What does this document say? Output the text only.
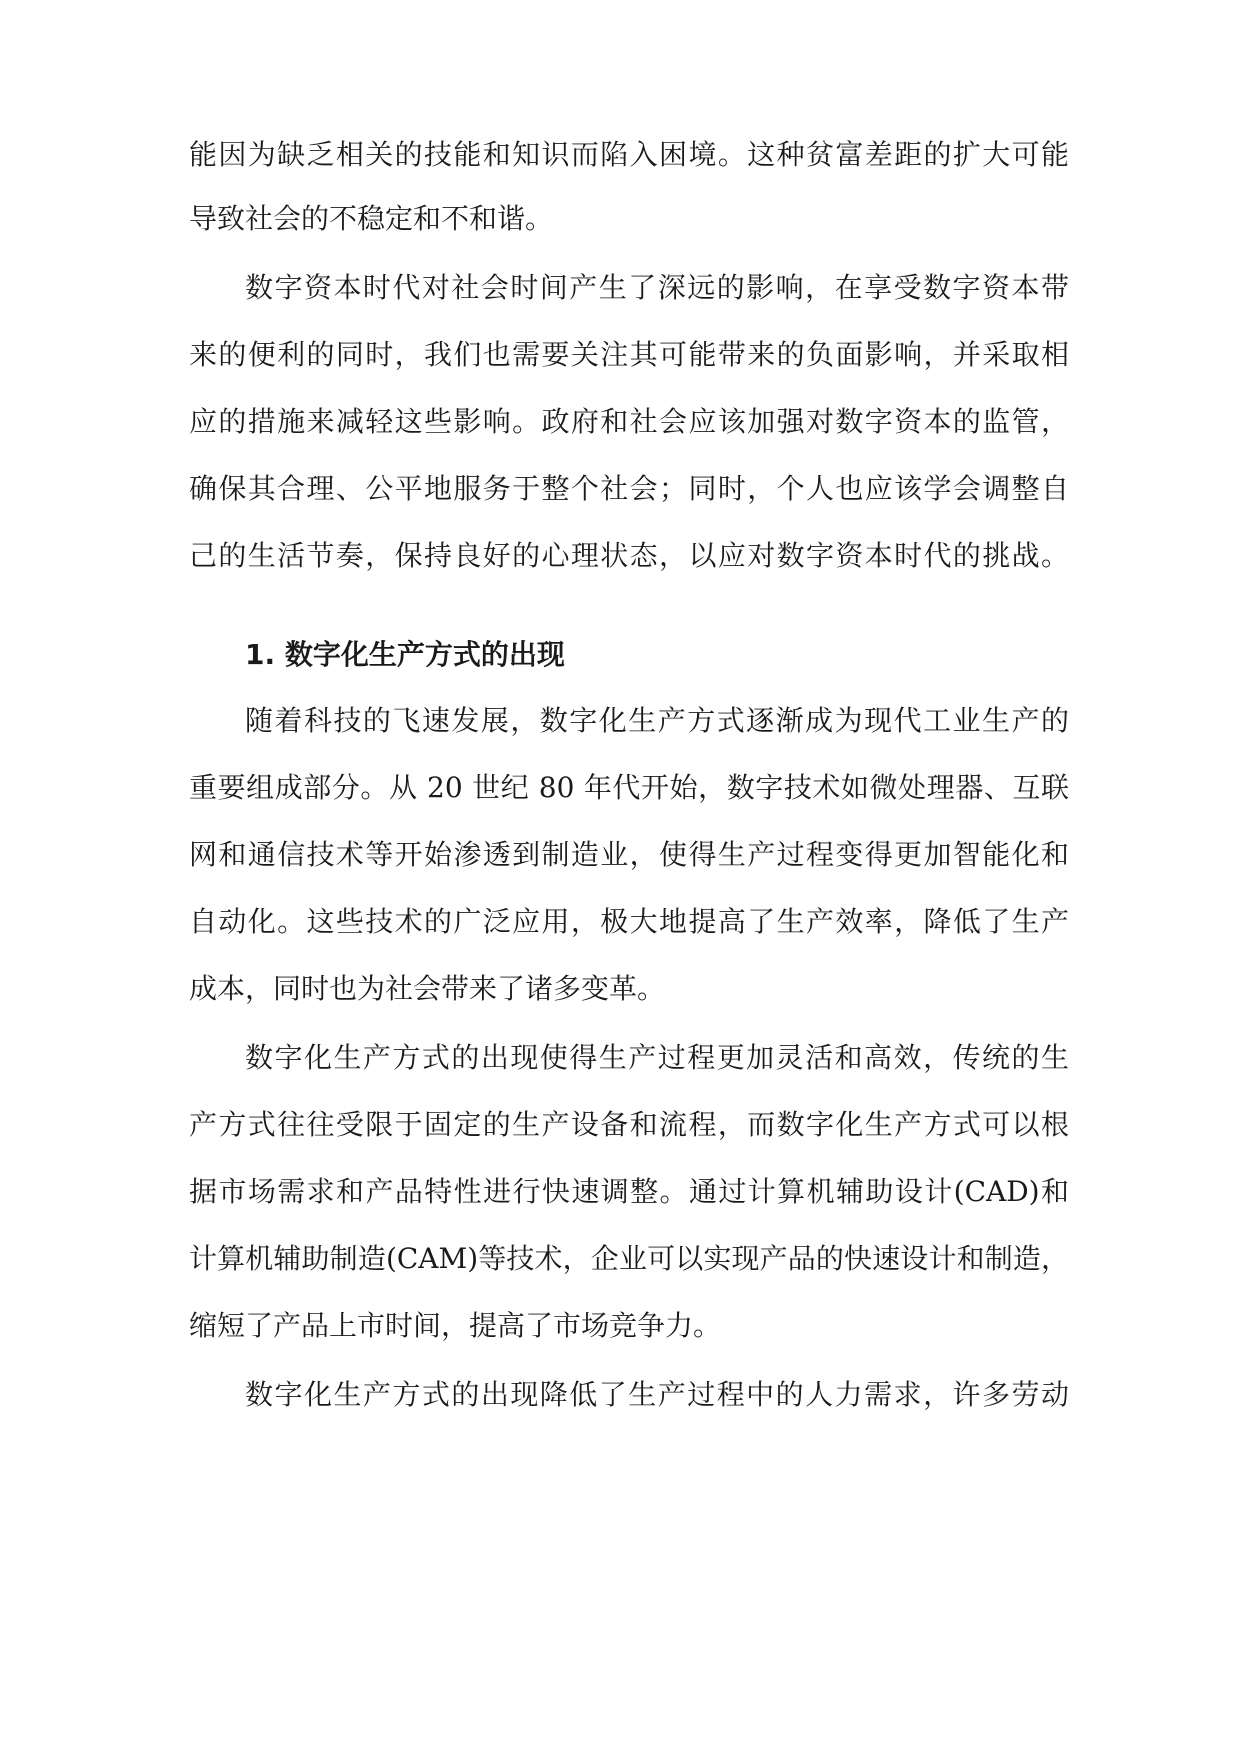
能因为缺乏相关的技能和知识而陷入困境。这种贫富差距的扩大可能
导致社会的不稳定和不和谐。
数字资本时代对社会时间产生了深远的影响，在享受数字资本带
来的便利的同时，我们也需要关注其可能带来的负面影响，并采取相
应的措施来减轻这些影响。政府和社会应该加强对数字资本的监管，
确保其合理、公平地服务于整个社会；同时，个人也应该学会调整自
己的生活节奏，保持良好的心理状态，以应对数字资本时代的挑战。
1. 数字化生产方式的出现
随着科技的飞速发展，数字化生产方式逐渐成为现代工业生产的
重要组成部分。从 20 世纪 80 年代开始，数字技术如微处理器、互联
网和通信技术等开始渗透到制造业，使得生产过程变得更加智能化和
自动化。这些技术的广泛应用，极大地提高了生产效率，降低了生产
成本，同时也为社会带来了诸多变革。
数字化生产方式的出现使得生产过程更加灵活和高效，传统的生
产方式往往受限于固定的生产设备和流程，而数字化生产方式可以根
据市场需求和产品特性进行快速调整。通过计算机辅助设计(CAD)和
计算机辅助制造(CAM)等技术，企业可以实现产品的快速设计和制造，
缩短了产品上市时间，提高了市场竞争力。
数字化生产方式的出现降低了生产过程中的人力需求，许多劳动
